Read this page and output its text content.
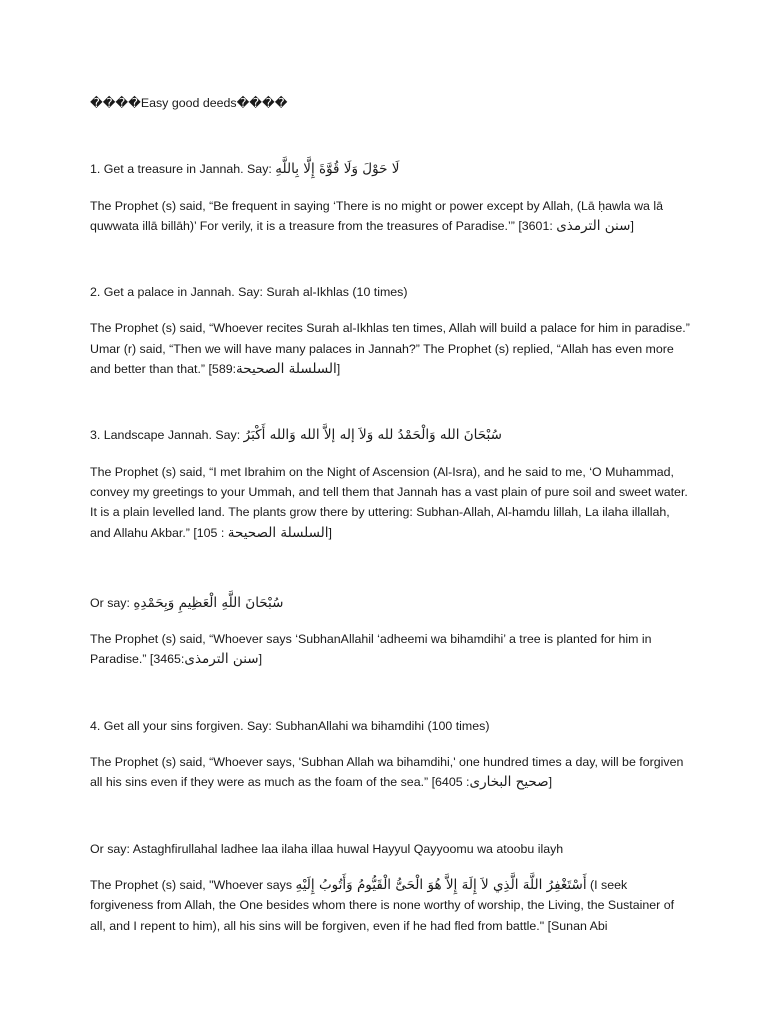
����Easy good deeds����

1. Get a treasure in Jannah. Say: لَا حَوْلَ وَلَا قُوَّةَ إِلَّا بِاللَّهِ

The Prophet (s) said, “Be frequent in saying ‘There is no might or power except by Allah, (Lā ḥawla wa lā quwwata illā billāh)’ For verily, it is a treasure from the treasures of Paradise.’” [3601: سنن الترمذى]

2. Get a palace in Jannah. Say: Surah al-Ikhlas (10 times)

The Prophet (s) said, “Whoever recites Surah al-Ikhlas ten times, Allah will build a palace for him in paradise.” Umar (r) said, “Then we will have many palaces in Jannah?” The Prophet (s) replied, “Allah has even more and better than that.” [589:السلسلة الصحيحة]

3. Landscape Jannah. Say: سُبْحَانَ الله وَالْحَمْدُ لله وَلاَ إله إلاَّ الله وَالله أَكْبَرُ

The Prophet (s) said, “I met Ibrahim on the Night of Ascension (Al-Isra), and he said to me, ‘O Muhammad, convey my greetings to your Ummah, and tell them that Jannah has a vast plain of pure soil and sweet water. It is a plain levelled land. The plants grow there by uttering: Subhan-Allah, Al-hamdu lillah, La ilaha illallah, and Allahu Akbar.” [105 : السلسلة الصحيحة]

Or say: سُبْحَانَ اللَّهِ الْعَظِيمِ وَبِحَمْدِهِ

The Prophet (s) said, “Whoever says ‘SubhanAllahil ‘adheemi wa bihamdihi’ a tree is planted for him in Paradise.” [3465:سنن الترمذى]

4. Get all your sins forgiven. Say: SubhanAllahi wa bihamdihi (100 times)

The Prophet (s) said, “Whoever says, 'Subhan Allah wa bihamdihi,' one hundred times a day, will be forgiven all his sins even if they were as much as the foam of the sea.” [6405 :صحيح البخارى]

Or say: Astaghfirullahal ladhee laa ilaha illaa huwal Hayyul Qayyoomu wa atoobu ilayh

The Prophet (s) said, "Whoever says أَسْتَغْفِرُ اللَّهَ الَّذِي لاَ إِلَهَ إِلاَّ هُوَ الْحَىُّ الْقَيُّومُ وَأَتُوبُ إِلَيْهِ (I seek forgiveness from Allah, the One besides whom there is none worthy of worship, the Living, the Sustainer of all, and I repent to him), all his sins will be forgiven, even if he had fled from battle." [Sunan Abi
